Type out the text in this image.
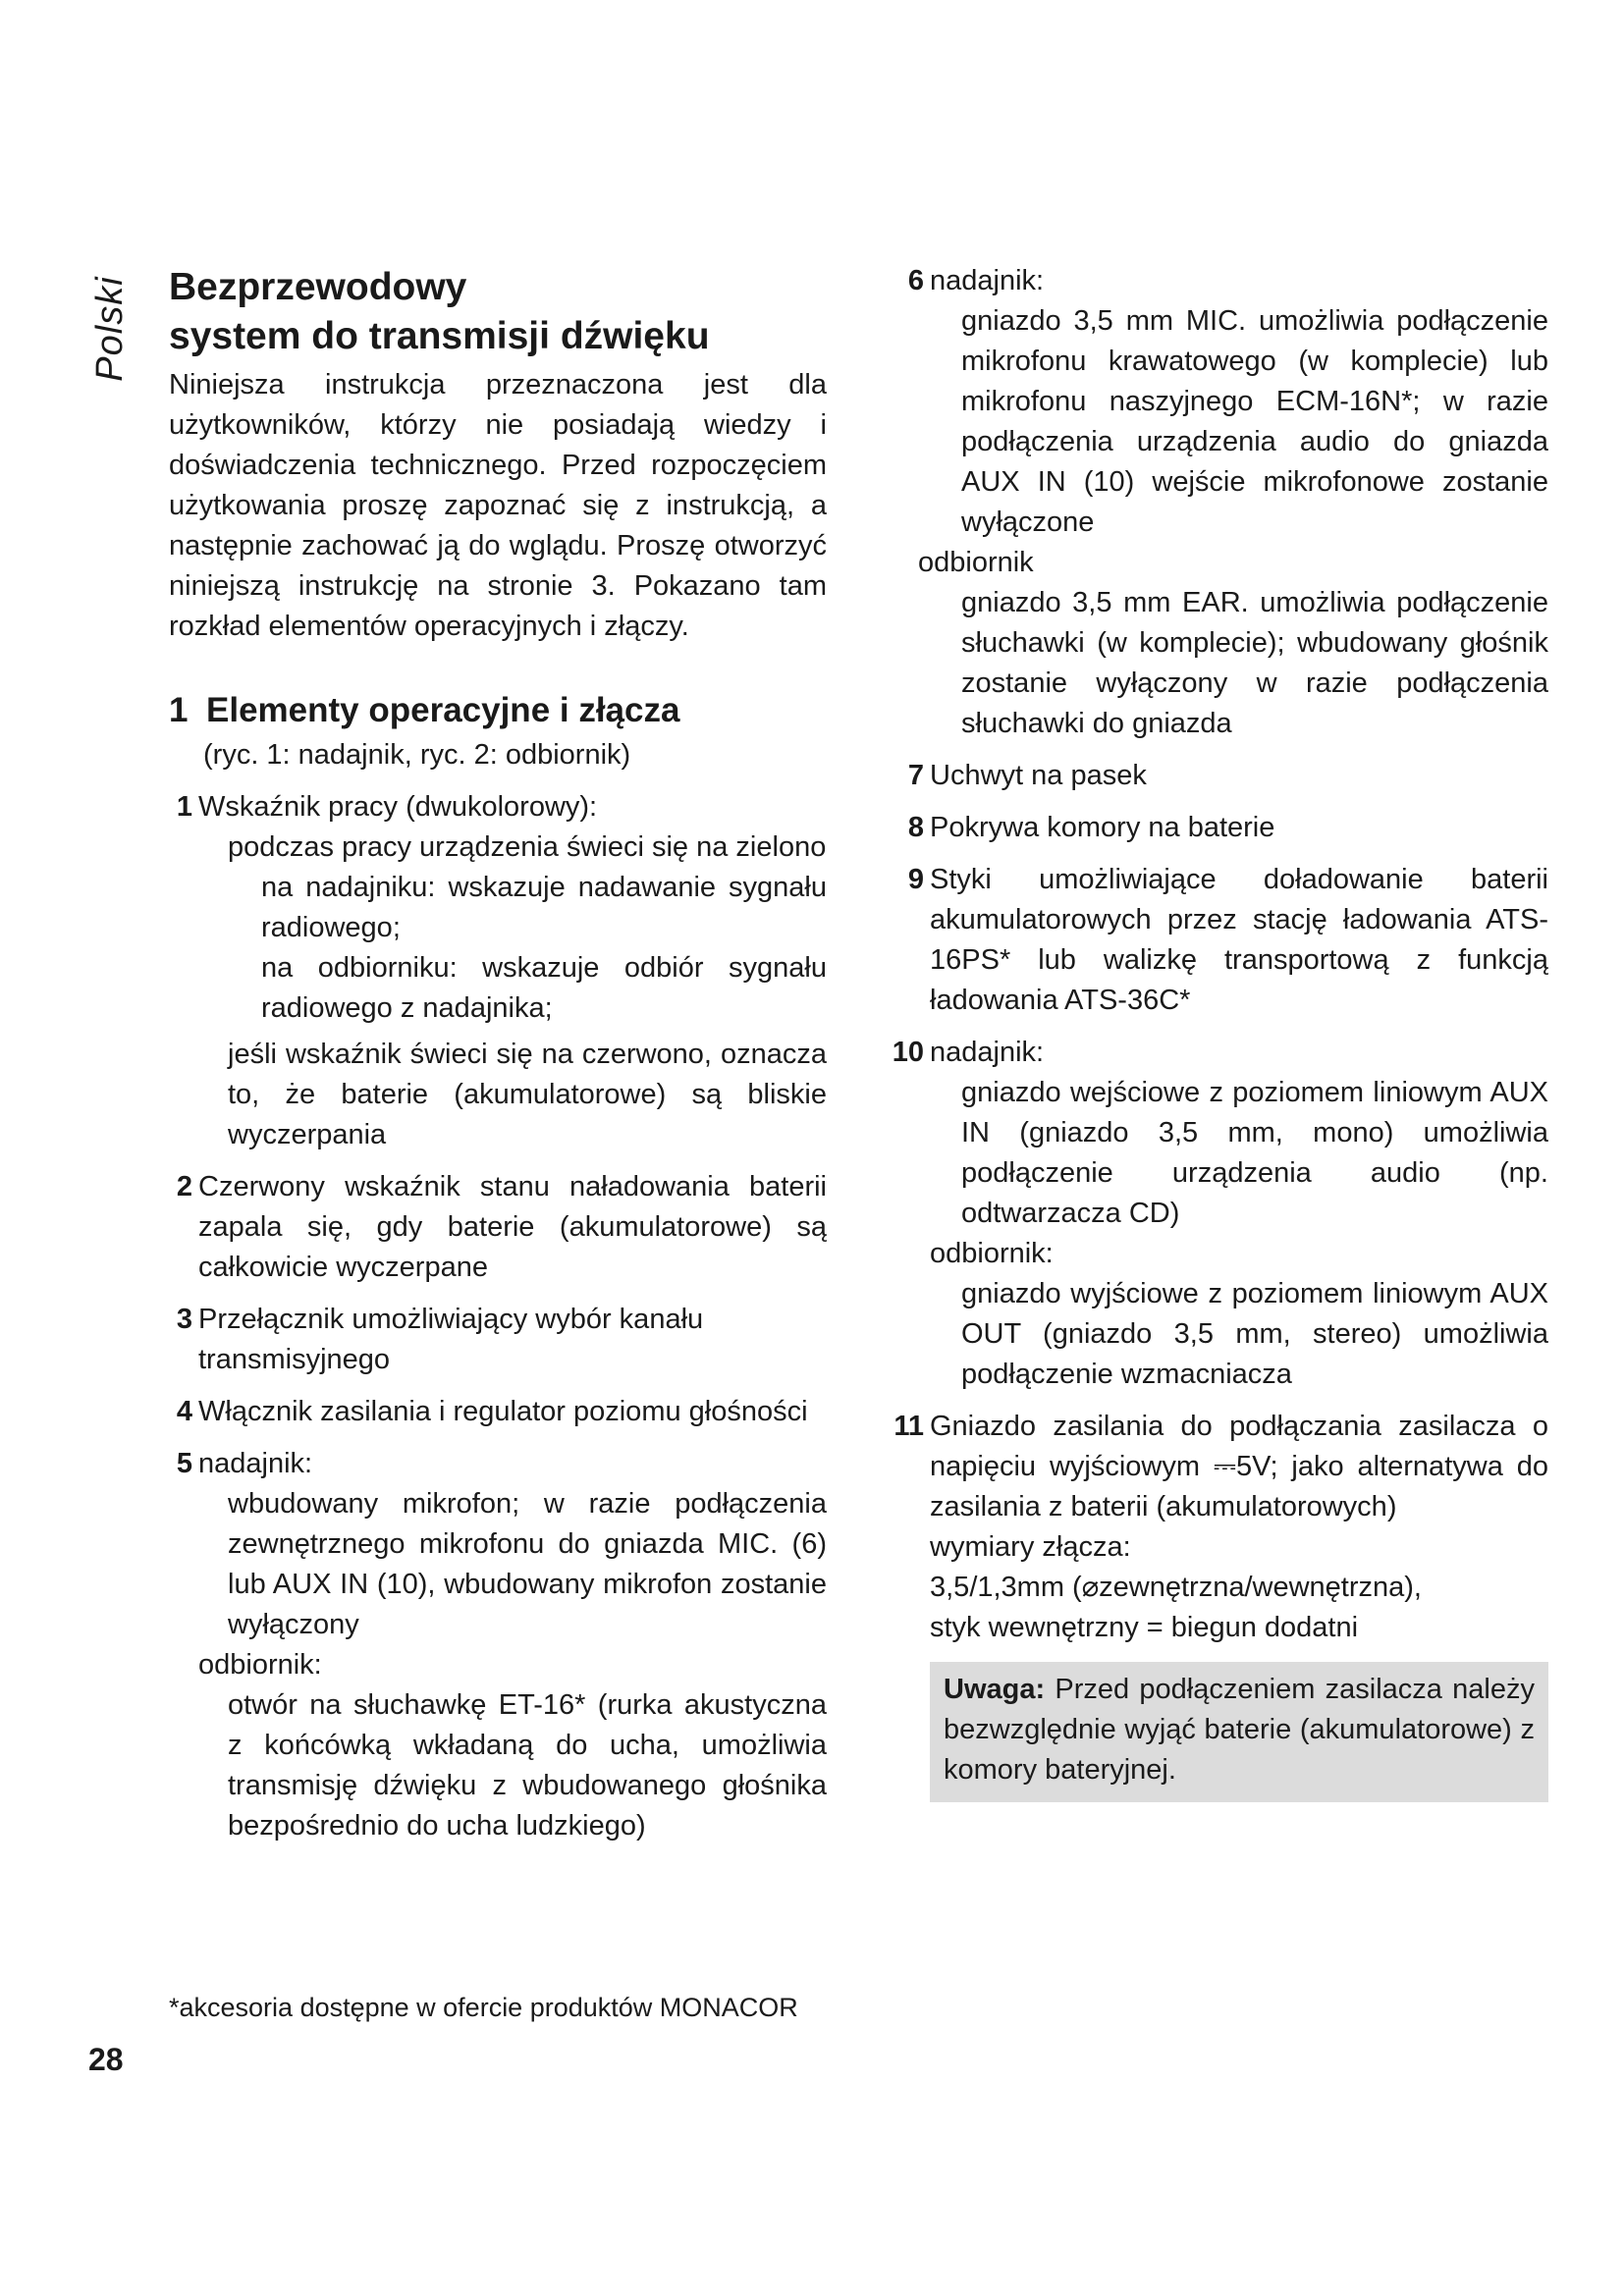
Polski	Bezprzewodowy
system do transmisji dźwięku

Niniejsza instrukcja przeznaczona jest dla użytkowników, którzy nie posiadają wiedzy i doświadczenia technicznego. Przed rozpoczęciem użytkowania proszę zapoznać się z instrukcją, a następnie zachować ją do wglądu. Proszę otworzyć niniejszą instrukcję na stronie 3. Pokazano tam rozkład elementów operacyjnych i złączy.

1 Elementy operacyjne i złącza

(ryc. 1: nadajnik, ryc. 2: odbiornik)

1 Wskaźnik pracy (dwukolorowy):

podczas pracy urządzenia świeci się na zielono

na nadajniku: wskazuje nadawanie sygnału radiowego;

na odbiorniku: wskazuje odbiór sygnału radiowego z nadajnika;

jeśli wskaźnik świeci się na czerwono, oznacza to, że baterie (akumulatorowe) są bliskie wyczerpania

2 Czerwony wskaźnik stanu naładowania baterii zapala się, gdy baterie (akumulatorowe) są całkowicie wyczerpane

3 Przełącznik umożliwiający wybór kanału transmisyjnego

4 Włącznik zasilania i regulator poziomu głośności

5 nadajnik:

wbudowany mikrofon; w razie podłączenia zewnętrznego mikrofonu do gniazda MIC. (6) lub AUX IN (10), wbudowany mikrofon zostanie wyłączony

odbiornik:

otwór na słuchawkę ET-16* (rurka akustyczna z końcówką wkładaną do ucha, umożliwia transmisję dźwięku z wbudowanego głośnika bezpośrednio do ucha ludzkiego)

6 nadajnik:

gniazdo 3,5 mm MIC. umożliwia podłączenie mikrofonu krawatowego (w komplecie) lub mikrofonu naszyjnego ECM-16N*; w razie podłączenia urządzenia audio do gniazda AUX IN (10) wejście mikrofonowe zostanie wyłączone

odbiornik

gniazdo 3,5 mm EAR. umożliwia podłączenie słuchawki (w komplecie); wbudowany głośnik zostanie wyłączony w razie podłączenia słuchawki do gniazda

7 Uchwyt na pasek

8 Pokrywa komory na baterie

9 Styki umożliwiające doładowanie baterii akumulatorowych przez stację ładowania ATS-16PS* lub walizkę transportową z funkcją ładowania ATS-36C*

10 nadajnik:

gniazdo wejściowe z poziomem liniowym AUX IN (gniazdo 3,5 mm, mono) umożliwia podłączenie urządzenia audio (np. odtwarzacza CD)

odbiornik:

gniazdo wyjściowe z poziomem liniowym AUX OUT (gniazdo 3,5 mm, stereo) umożliwia podłączenie wzmacniacza

11 Gniazdo zasilania do podłączania zasilacza o napięciu wyjściowym ⎓5V; jako alternatywa do zasilania z baterii (akumulatorowych)

wymiary złącza:

3,5/1,3mm (⌀zewnętrzna/wewnętrzna),

styk wewnętrzny = biegun dodatni

Uwaga: Przed podłączeniem zasilacza należy bezwzględnie wyjąć baterie (akumulatorowe) z komory bateryjnej.
*akcesoria dostępne w ofercie produktów MONACOR
28
